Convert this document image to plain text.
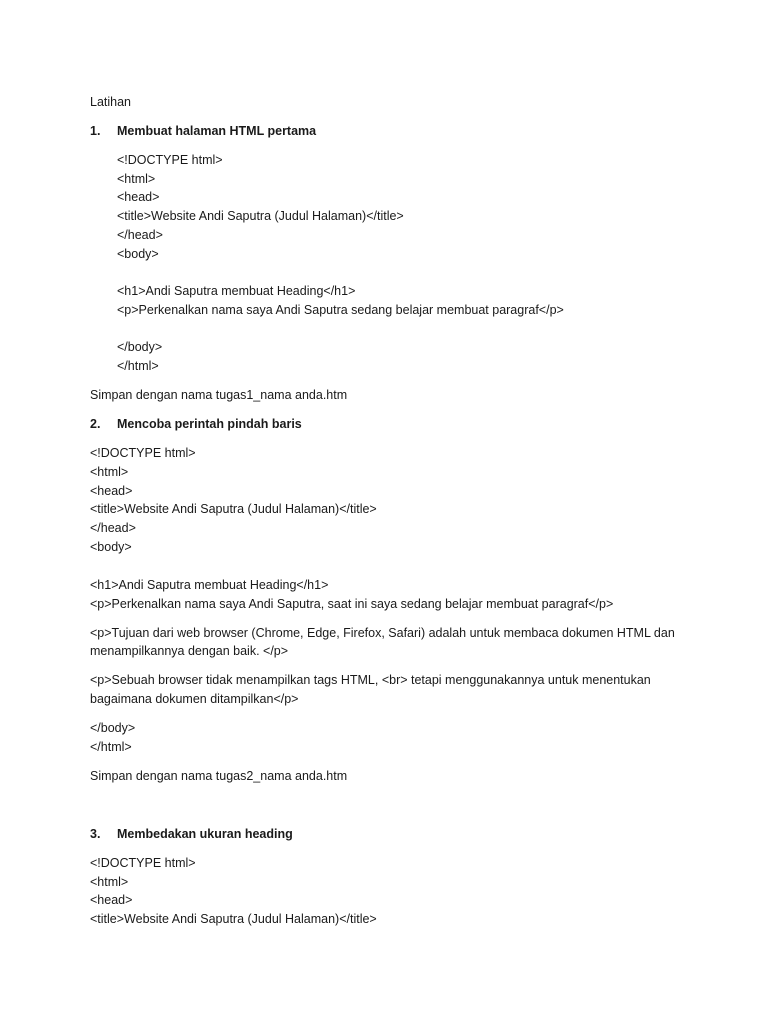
Latihan
1. Membuat halaman HTML pertama
<!DOCTYPE html>
<html>
<head>
<title>Website Andi Saputra (Judul Halaman)</title>
</head>
<body>
<h1>Andi Saputra membuat Heading</h1>
<p>Perkenalkan nama saya Andi Saputra sedang belajar membuat paragraf</p>
</body>
</html>
Simpan dengan nama tugas1_nama anda.htm
2. Mencoba perintah pindah baris
<!DOCTYPE html>
<html>
<head>
<title>Website Andi Saputra (Judul Halaman)</title>
</head>
<body>
<h1>Andi Saputra membuat Heading</h1>
<p>Perkenalkan nama saya Andi Saputra, saat ini saya sedang belajar membuat paragraf</p>
<p>Tujuan dari web browser (Chrome, Edge, Firefox, Safari) adalah untuk membaca dokumen HTML dan
menampilkannya dengan baik. </p>
<p>Sebuah browser tidak menampilkan tags HTML, <br> tetapi menggunakannya untuk menentukan
bagaimana dokumen ditampilkan</p>
</body>
</html>
Simpan dengan nama tugas2_nama anda.htm
3. Membedakan ukuran heading
<!DOCTYPE html>
<html>
<head>
<title>Website Andi Saputra (Judul Halaman)</title>
